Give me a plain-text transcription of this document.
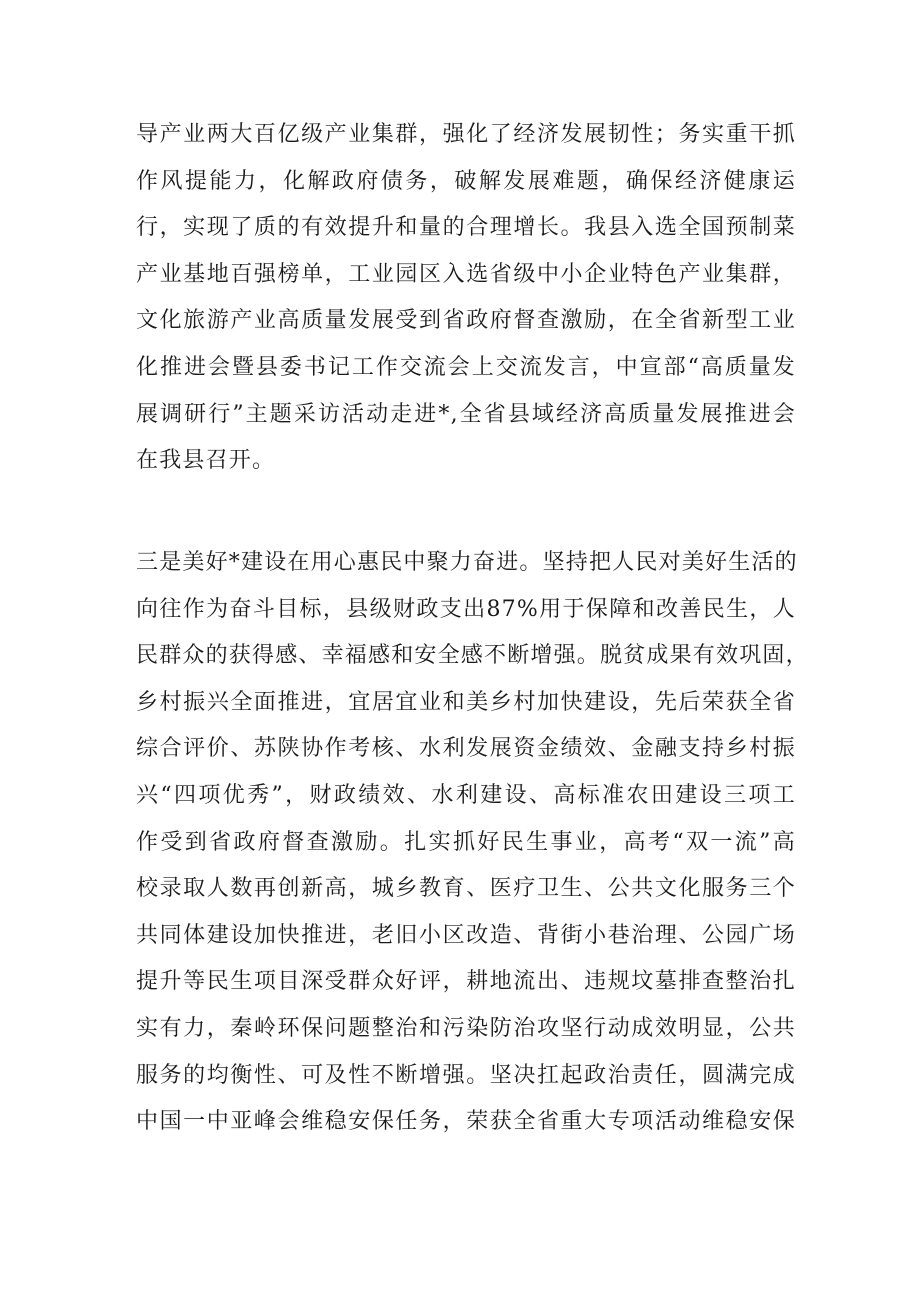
导产业两大百亿级产业集群，强化了经济发展韧性；务实重干抓
作风提能力，化解政府债务，破解发展难题，确保经济健康运
行，实现了质的有效提升和量的合理增长。我县入选全国预制菜
产业基地百强榜单，工业园区入选省级中小企业特色产业集群，
文化旅游产业高质量发展受到省政府督查激励，在全省新型工业
化推进会暨县委书记工作交流会上交流发言，中宣部“高质量发
展调研行”主题采访活动走进*,全省县域经济高质量发展推进会
在我县召开。
三是美好*建设在用心惠民中聚力奋进。坚持把人民对美好生活的
向往作为奋斗目标，县级财政支出87%用于保障和改善民生，人
民群众的获得感、幸福感和安全感不断增强。脱贫成果有效巩固，
乡村振兴全面推进，宜居宜业和美乡村加快建设，先后荣获全省
综合评价、苏陕协作考核、水利发展资金绩效、金融支持乡村振
兴“四项优秀”，财政绩效、水利建设、高标准农田建设三项工
作受到省政府督查激励。扎实抓好民生事业，高考“双一流”高
校录取人数再创新高，城乡教育、医疗卫生、公共文化服务三个
共同体建设加快推进，老旧小区改造、背街小巷治理、公园广场
提升等民生项目深受群众好评，耕地流出、违规坟墓排查整治扎
实有力，秦岭环保问题整治和污染防治攻坚行动成效明显，公共
服务的均衡性、可及性不断增强。坚决扛起政治责任，圆满完成
中国一中亚峰会维稳安保任务，荣获全省重大专项活动维稳安保
